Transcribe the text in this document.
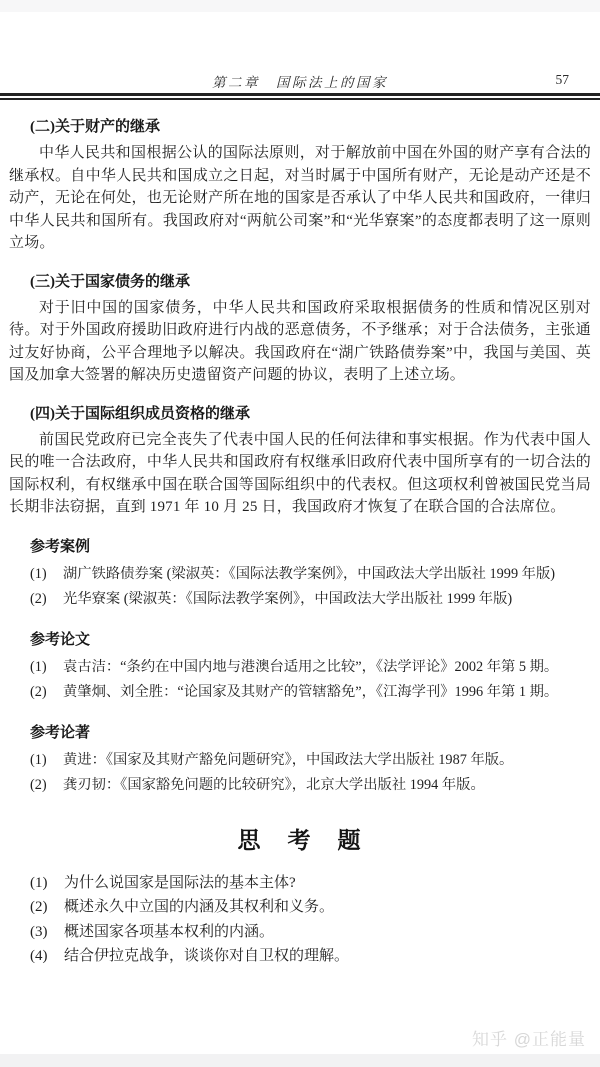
第二章　国际法上的国家	57
(二)关于财产的继承

中华人民共和国根据公认的国际法原则，对于解放前中国在外国的财产享有合法的继承权。自中华人民共和国成立之日起，对当时属于中国所有财产，无论是动产还是不动产，无论在何处，也无论财产所在地的国家是否承认了中华人民共和国政府，一律归中华人民共和国所有。我国政府对“两航公司案”和“光华寮案”的态度都表明了这一原则立场。

(三)关于国家债务的继承

对于旧中国的国家债务，中华人民共和国政府采取根据债务的性质和情况区别对待。对于外国政府援助旧政府进行内战的恶意债务，不予继承；对于合法债务，主张通过友好协商，公平合理地予以解决。我国政府在“湖广铁路债券案”中，我国与美国、英国及加拿大签署的解决历史遗留资产问题的协议，表明了上述立场。

(四)关于国际组织成员资格的继承

前国民党政府已完全丧失了代表中国人民的任何法律和事实根据。作为代表中国人民的唯一合法政府，中华人民共和国政府有权继承旧政府代表中国所享有的一切合法的国际权利，有权继承中国在联合国等国际组织中的代表权。但这项权利曾被国民党当局长期非法窃据，直到 1971 年 10 月 25 日，我国政府才恢复了在联合国的合法席位。

参考案例
(1)	湖广铁路债券案 (梁淑英：《国际法教学案例》，中国政法大学出版社 1999 年版)
(2)	光华寮案 (梁淑英：《国际法教学案例》，中国政法大学出版社 1999 年版)
参考论文
(1)	袁古洁：“条约在中国内地与港澳台适用之比较”，《法学评论》2002 年第 5 期。
(2)	黄肇炯、刘全胜：“论国家及其财产的管辖豁免”，《江海学刊》1996 年第 1 期。
参考论著
(1)	黄进：《国家及其财产豁免问题研究》，中国政法大学出版社 1987 年版。
(2)	龚刃韧：《国家豁免问题的比较研究》，北京大学出版社 1994 年版。
思　考　题
(1)	为什么说国家是国际法的基本主体?
(2)	概述永久中立国的内涵及其权利和义务。
(3)	概述国家各项基本权利的内涵。
(4)	结合伊拉克战争，谈谈你对自卫权的理解。
知乎 @正能量
